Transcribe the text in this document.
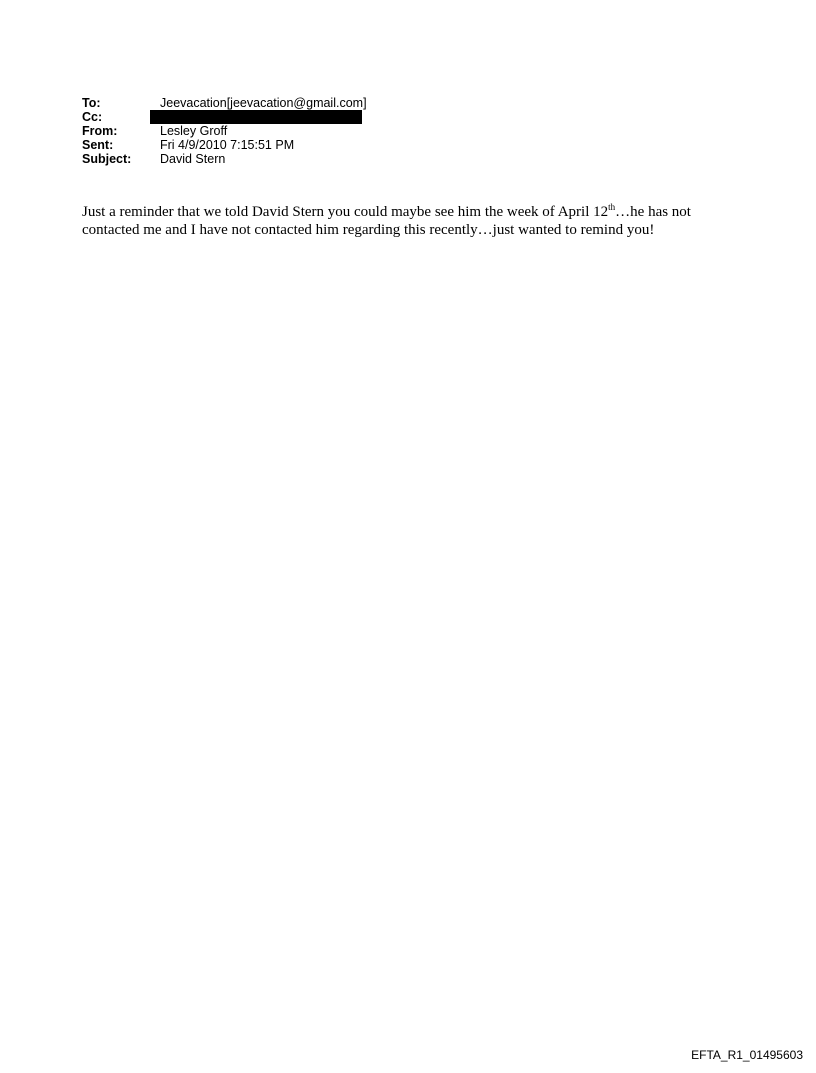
To:	Jeevacation[jeevacation@gmail.com]
Cc:
From:	Lesley Groff
Sent:	Fri 4/9/2010 7:15:51 PM
Subject:	David Stern
Just a reminder that we told David Stern you could maybe see him the week of April 12th…he has not contacted me and I have not contacted him regarding this recently…just wanted to remind you!
EFTA_R1_01495603
